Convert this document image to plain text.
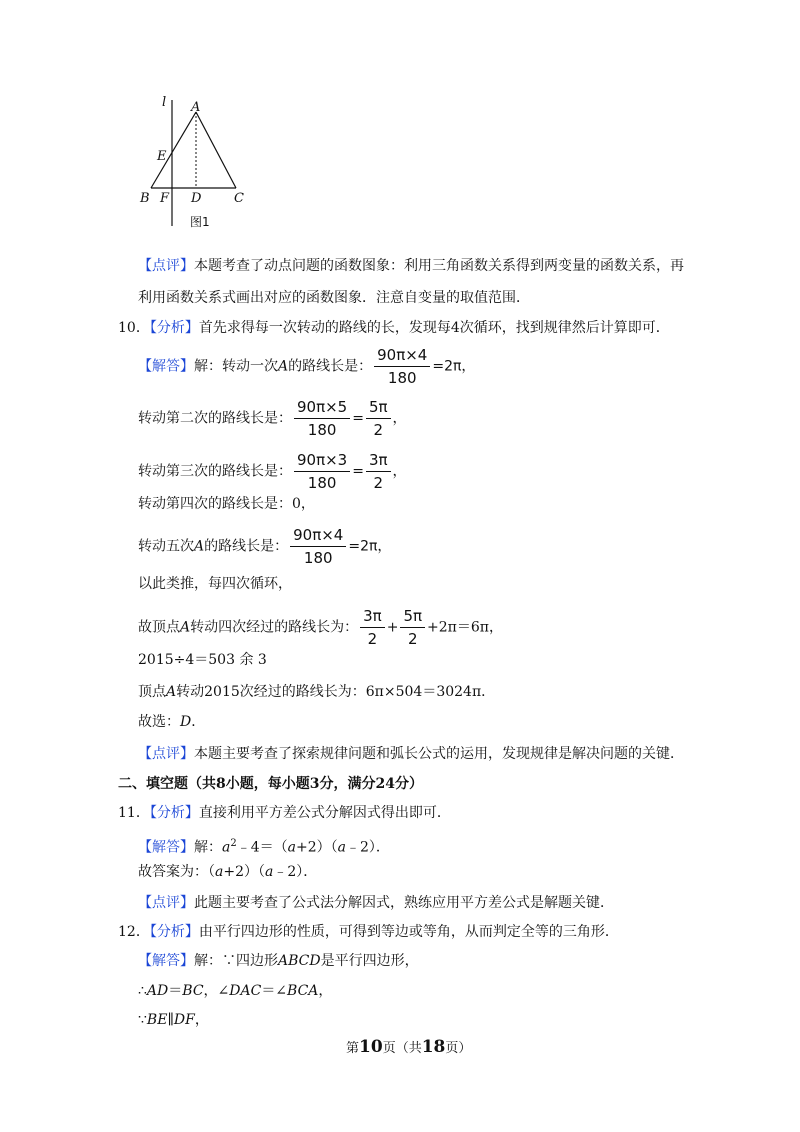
l A
E
B F D	C
图1
【点评】本题考查了动点问题的函数图象：利用三角函数关系得到两变量的函数关系，再
利用函数关系式画出对应的函数图象．注意自变量的取值范围．
10．【分析】首先求得每一次转动的路线的长，发现每4次循环，找到规律然后计算即可．
【解答】解：转动一次A的路线长是： $\frac{90\pi\times 4}{180} =2\pi$，
转动第二次的路线长是： $\frac{90\pi\times 5}{180} = \frac{5\pi}{2}$ ，
转动第三次的路线长是： $\frac{90\pi\times 3}{180} = \frac{3\pi}{2}$ ，
转动第四次的路线长是：0，
转动五次A的路线长是： $\frac{90\pi\times 4}{180} =2\pi$，
以此类推，每四次循环，
故顶点A转动四次经过的路线长为： $\frac{3\pi}{2} + \frac{5\pi}{2} +2\pi=6\pi$，
2015÷4＝503 余 3
顶点A转动2015次经过的路线长为：6π×504＝3024π．
故选：D．
【点评】本题主要考查了探索规律问题和弧长公式的运用，发现规律是解决问题的关键．
二、填空题（共8小题，每小题3分，满分24分）
11．【分析】直接利用平方差公式分解因式得出即可．
【解答】解：$a^2﹣4=(a+2)(a﹣2)$．
故答案为：（a+2）（a﹣2）．
【点评】此题主要考查了公式法分解因式，熟练应用平方差公式是解题关键．
12．【分析】由平行四边形的性质，可得到等边或等角，从而判定全等的三角形．
【解答】解：∵四边形ABCD是平行四边形，
∴AD＝BC，∠DAC＝∠BCA，
∵BE∥DF，
第10页（共18页）
